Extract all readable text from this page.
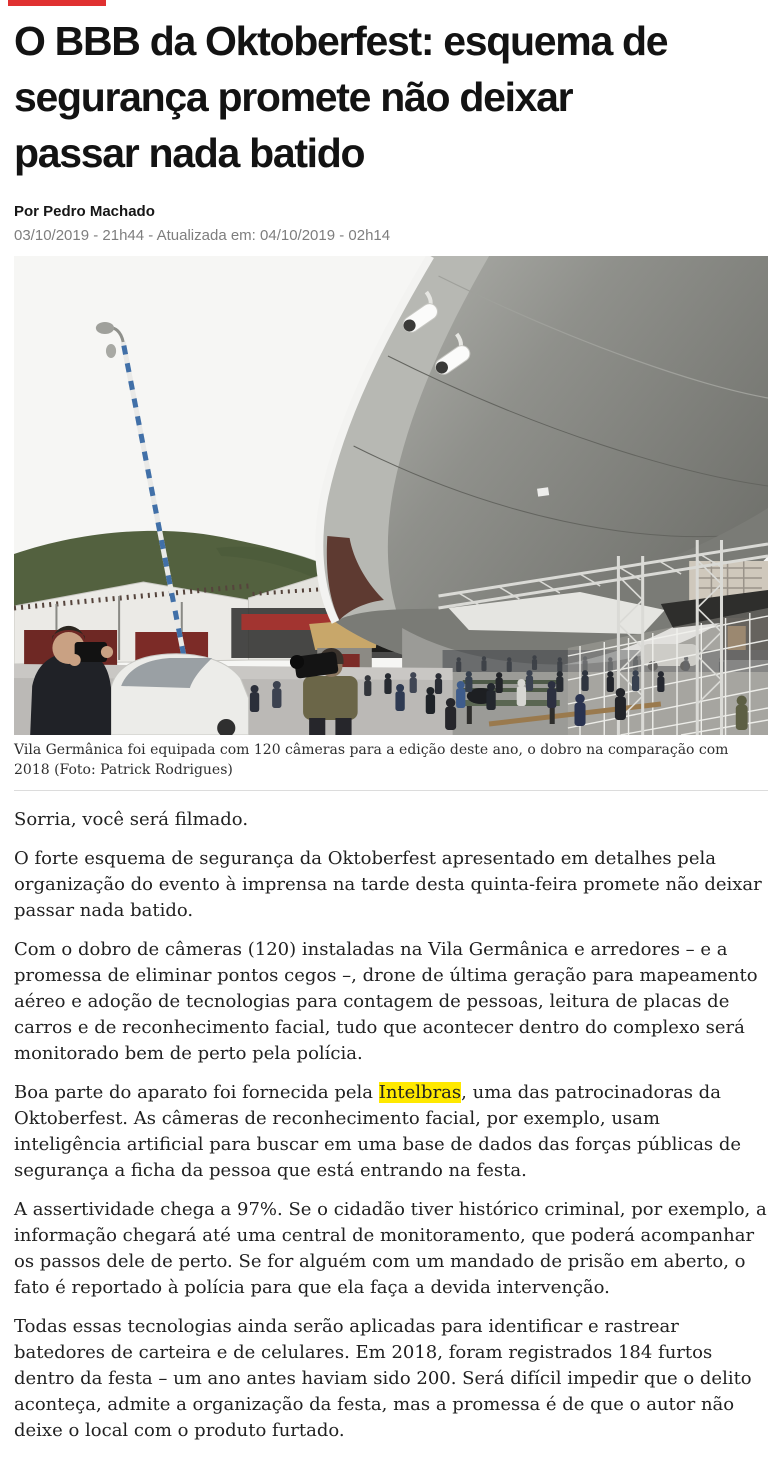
O BBB da Oktoberfest: esquema de segurança promete não deixar passar nada batido
Por Pedro Machado
03/10/2019 - 21h44 - Atualizada em: 04/10/2019 - 02h14
Vila Germânica foi equipada com 120 câmeras para a edição deste ano, o dobro na comparação com 2018 (Foto: Patrick Rodrigues)

Sorria, você será filmado.

O forte esquema de segurança da Oktoberfest apresentado em detalhes pela organização do evento à imprensa na tarde desta quinta-feira promete não deixar passar nada batido.

Com o dobro de câmeras (120) instaladas na Vila Germânica e arredores – e a promessa de eliminar pontos cegos –, drone de última geração para mapeamento aéreo e adoção de tecnologias para contagem de pessoas, leitura de placas de carros e de reconhecimento facial, tudo que acontecer dentro do complexo será monitorado bem de perto pela polícia.

Boa parte do aparato foi fornecida pela Intelbras, uma das patrocinadoras da Oktoberfest. As câmeras de reconhecimento facial, por exemplo, usam inteligência artificial para buscar em uma base de dados das forças públicas de segurança a ficha da pessoa que está entrando na festa.

A assertividade chega a 97%. Se o cidadão tiver histórico criminal, por exemplo, a informação chegará até uma central de monitoramento, que poderá acompanhar os passos dele de perto. Se for alguém com um mandado de prisão em aberto, o fato é reportado à polícia para que ela faça a devida intervenção.

Todas essas tecnologias ainda serão aplicadas para identificar e rastrear batedores de carteira e de celulares. Em 2018, foram registrados 184 furtos dentro da festa – um ano antes haviam sido 200. Será difícil impedir que o delito aconteça, admite a organização da festa, mas a promessa é de que o autor não deixe o local com o produto furtado.
